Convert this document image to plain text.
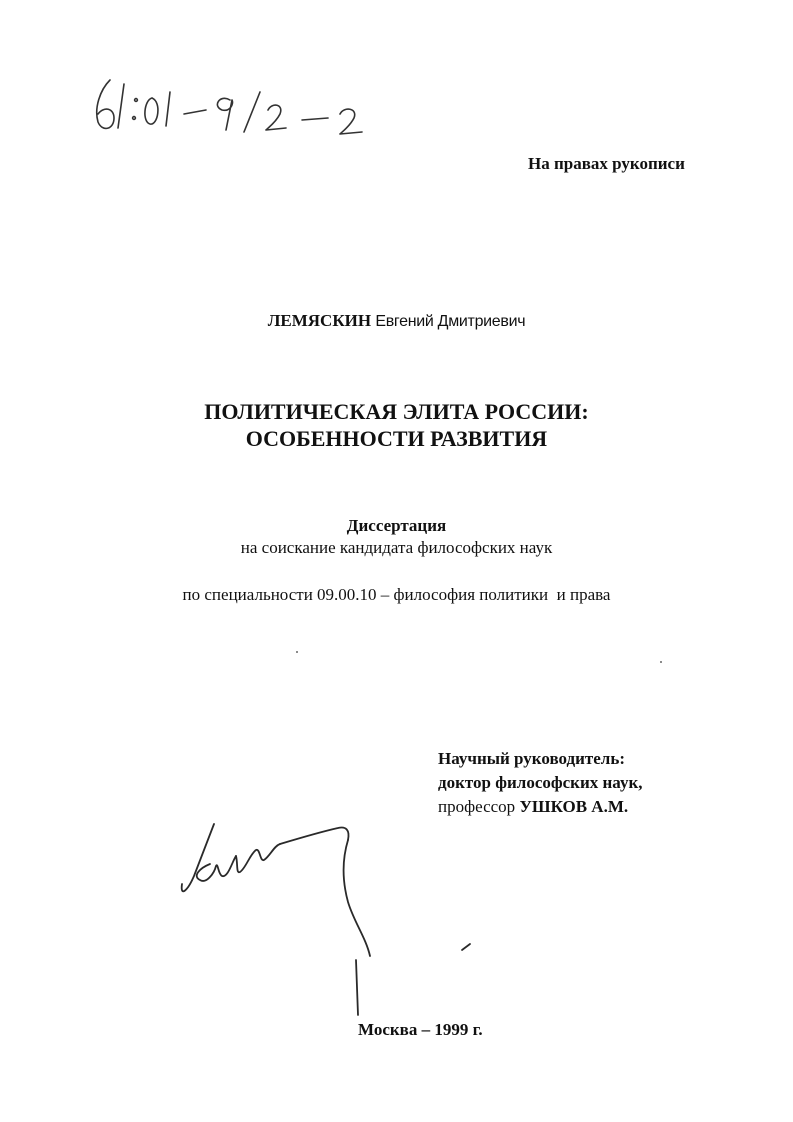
На правах рукописи
ЛЕМЯСКИН Евгений Дмитриевич
ПОЛИТИЧЕСКАЯ ЭЛИТА РОССИИ:
ОСОБЕННОСТИ РАЗВИТИЯ
Диссертация
на соискание кандидата философских наук
по специальности 09.00.10 – философия политики  и права
Научный руководитель:
доктор философских наук,
профессор УШКОВ А.М.
Москва – 1999 г.
